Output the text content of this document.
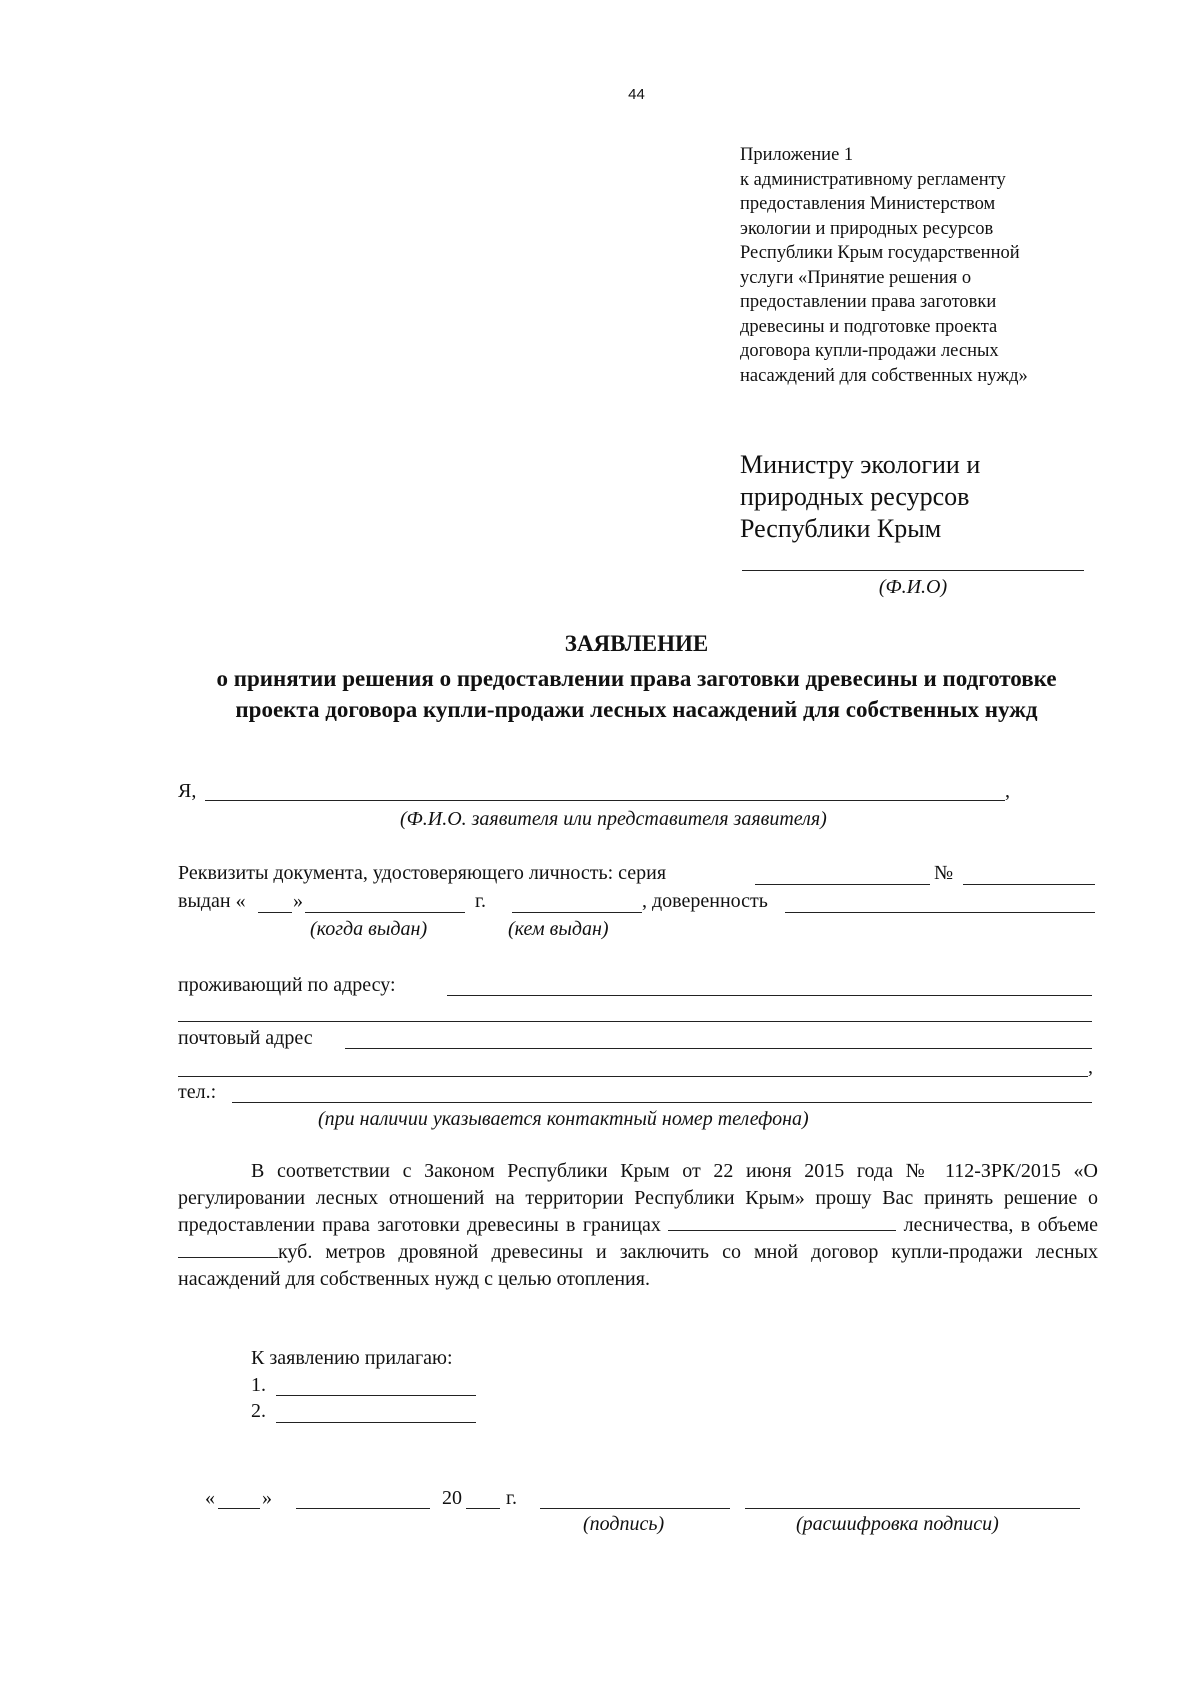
44
Приложение 1
к административному регламенту
предоставления Министерством
экологии и природных ресурсов
Республики Крым государственной
услуги «Принятие решения о
предоставлении права заготовки
древесины и подготовке проекта
договора купли-продажи лесных
насаждений для собственных нужд»
Министру экологии и
природных ресурсов
Республики Крым
(Ф.И.О)
ЗАЯВЛЕНИЕ
о принятии решения о предоставлении права заготовки древесины и подготовке проекта договора купли-продажи лесных насаждений для собственных нужд
Я,	,
(Ф.И.О. заявителя или представителя заявителя)
Реквизиты документа, удостоверяющего личность: серия	№
выдан « »	г.	, доверенность
(когда выдан)	(кем выдан)
проживающий по адресу:
почтовый адрес
,
тел.:
(при наличии указывается контактный номер телефона)

В соответствии с Законом Республики Крым от 22 июня 2015 года № 112-ЗРК/2015 «О регулировании лесных отношений на территории Республики Крым» прошу Вас принять решение о предоставлении права заготовки древесины в границах	лесничества, в объеме куб. метров дровяной древесины и заключить со мной договор купли-продажи лесных насаждений для собственных нужд с целью отопления.

К заявлению прилагаю:
1.
2.
« »	20 г.
(подпись)	(расшифровка подписи)
